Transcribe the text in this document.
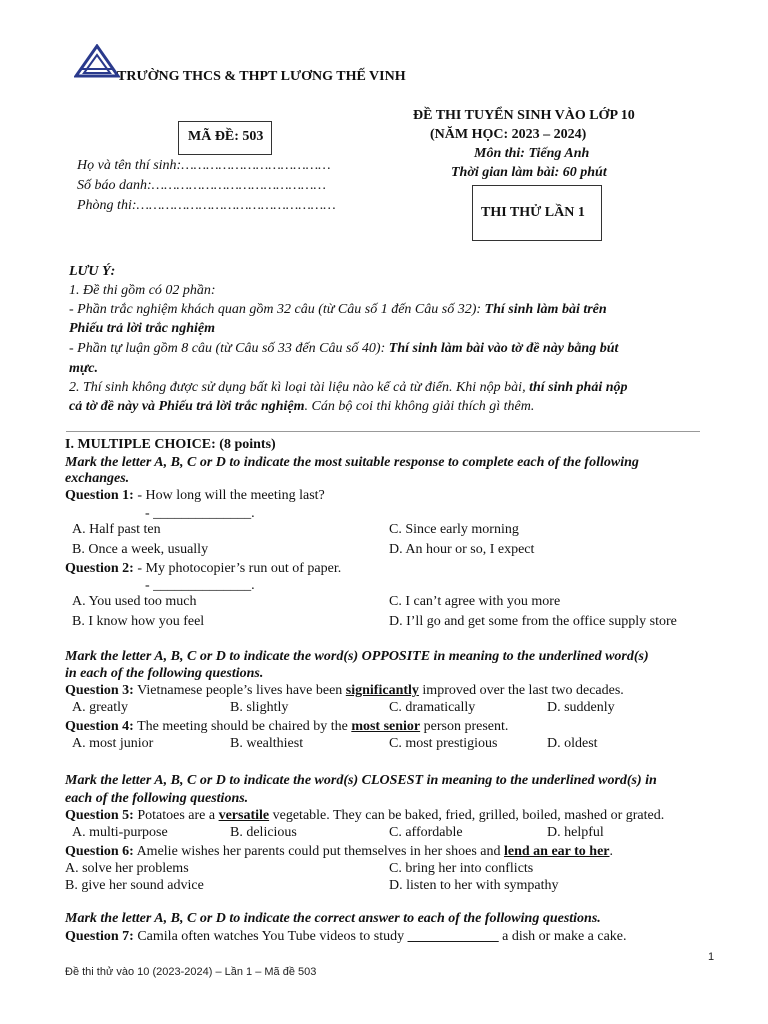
TRƯỜNG THCS & THPT LƯƠNG THẾ VINH
MÃ ĐỀ: 503
ĐỀ THI TUYỂN SINH VÀO LỚP 10
(NĂM HỌC: 2023 – 2024)
Môn thi: Tiếng Anh
Thời gian làm bài: 60 phút
Họ và tên thí sinh:………………………………
Số báo danh:……………………………………
Phòng thi:…………………………………………	THI THỬ LẦN 1
LƯU Ý:
1. Đề thi gồm có 02 phần:
- Phần trắc nghiệm khách quan gồm 32 câu (từ Câu số 1 đến Câu số 32): Thí sinh làm bài trên
Phiếu trả lời trắc nghiệm
- Phần tự luận gồm 8 câu (từ Câu số 33 đến Câu số 40): Thí sinh làm bài vào tờ đề này bằng bút
mực.
2. Thí sinh không được sử dụng bất kì loại tài liệu nào kể cả từ điển. Khi nộp bài, thí sinh phải nộp
cả tờ đề này và Phiếu trả lời trắc nghiệm. Cán bộ coi thi không giải thích gì thêm.
I. MULTIPLE CHOICE: (8 points)
Mark the letter A, B, C or D to indicate the most suitable response to complete each of the following
exchanges.
Question 1: - How long will the meeting last?
- ______________.
A. Half past ten	C. Since early morning
B. Once a week, usually	D. An hour or so, I expect
Question 2: - My photocopier’s run out of paper.
- ______________.
A. You used too much	C. I can’t agree with you more
B. I know how you feel	D. I’ll go and get some from the office supply store
Mark the letter A, B, C or D to indicate the word(s) OPPOSITE in meaning to the underlined word(s)
in each of the following questions.
Question 3: Vietnamese people’s lives have been significantly improved over the last two decades.
A. greatly	B. slightly	C. dramatically	D. suddenly
Question 4: The meeting should be chaired by the most senior person present.
A. most junior	B. wealthiest	C. most prestigious	D. oldest
Mark the letter A, B, C or D to indicate the word(s) CLOSEST in meaning to the underlined word(s) in
each of the following questions.
Question 5: Potatoes are a versatile vegetable. They can be baked, fried, grilled, boiled, mashed or grated.
A. multi-purpose	B. delicious	C. affordable	D. helpful
Question 6: Amelie wishes her parents could put themselves in her shoes and lend an ear to her.
A. solve her problems	C. bring her into conflicts
B. give her sound advice	D. listen to her with sympathy
Mark the letter A, B, C or D to indicate the correct answer to each of the following questions.
Question 7: Camila often watches You Tube videos to study _____________ a dish or make a cake.
1
Đề thi thử vào 10 (2023-2024) – Lần 1 – Mã đề 503
